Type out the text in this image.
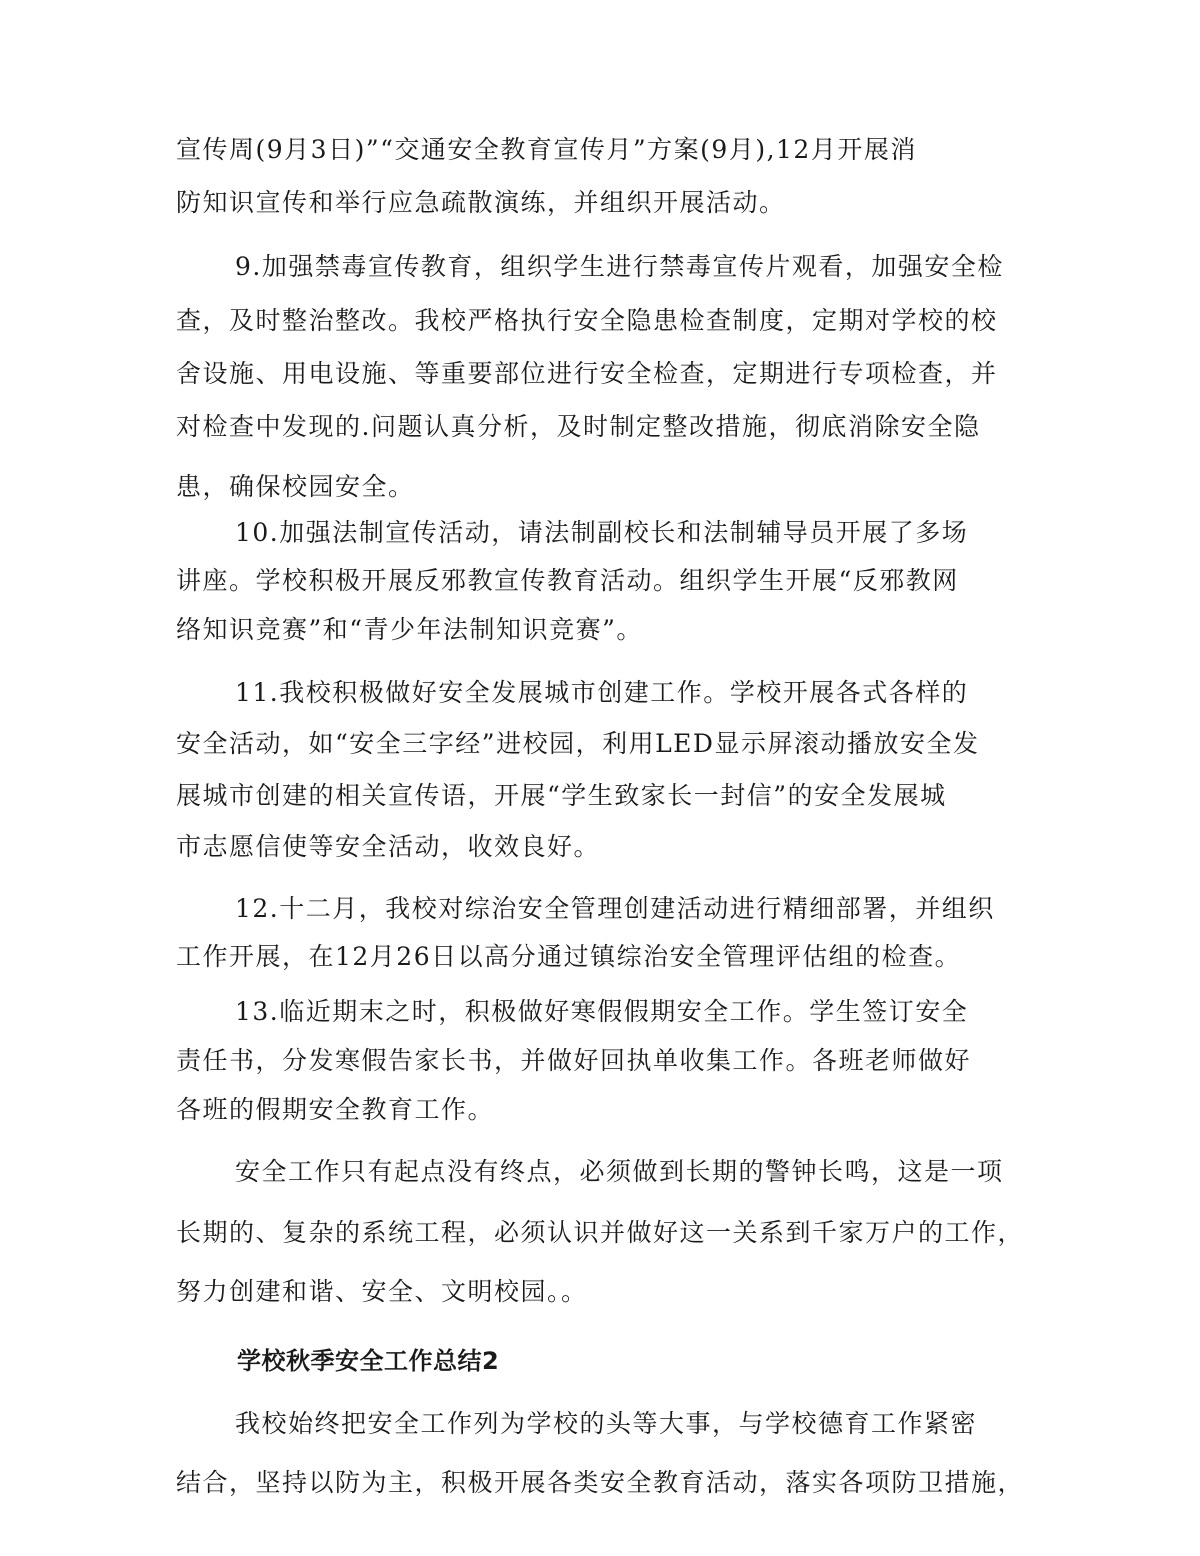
宣传周(9月3日)”“交通安全教育宣传月”方案(9月),12月开展消
防知识宣传和举行应急疏散演练，并组织开展活动。
9.加强禁毒宣传教育，组织学生进行禁毒宣传片观看，加强安全检
查，及时整治整改。我校严格执行安全隐患检查制度，定期对学校的校
舍设施、用电设施、等重要部位进行安全检查，定期进行专项检查，并
对检查中发现的.问题认真分析，及时制定整改措施，彻底消除安全隐
患，确保校园安全。
10.加强法制宣传活动，请法制副校长和法制辅导员开展了多场
讲座。学校积极开展反邪教宣传教育活动。组织学生开展“反邪教网
络知识竞赛”和“青少年法制知识竞赛”。
11.我校积极做好安全发展城市创建工作。学校开展各式各样的
安全活动，如“安全三字经”进校园，利用LED显示屏滚动播放安全发
展城市创建的相关宣传语，开展“学生致家长一封信”的安全发展城
市志愿信使等安全活动，收效良好。
12.十二月，我校对综治安全管理创建活动进行精细部署，并组织
工作开展，在12月26日以高分通过镇综治安全管理评估组的检查。
13.临近期末之时，积极做好寒假假期安全工作。学生签订安全
责任书，分发寒假告家长书，并做好回执单收集工作。各班老师做好
各班的假期安全教育工作。
安全工作只有起点没有终点，必须做到长期的警钟长鸣，这是一项
长期的、复杂的系统工程，必须认识并做好这一关系到千家万户的工作，
努力创建和谐、安全、文明校园。。
学校秋季安全工作总结2
我校始终把安全工作列为学校的头等大事，与学校德育工作紧密
结合，坚持以防为主，积极开展各类安全教育活动，落实各项防卫措施，
